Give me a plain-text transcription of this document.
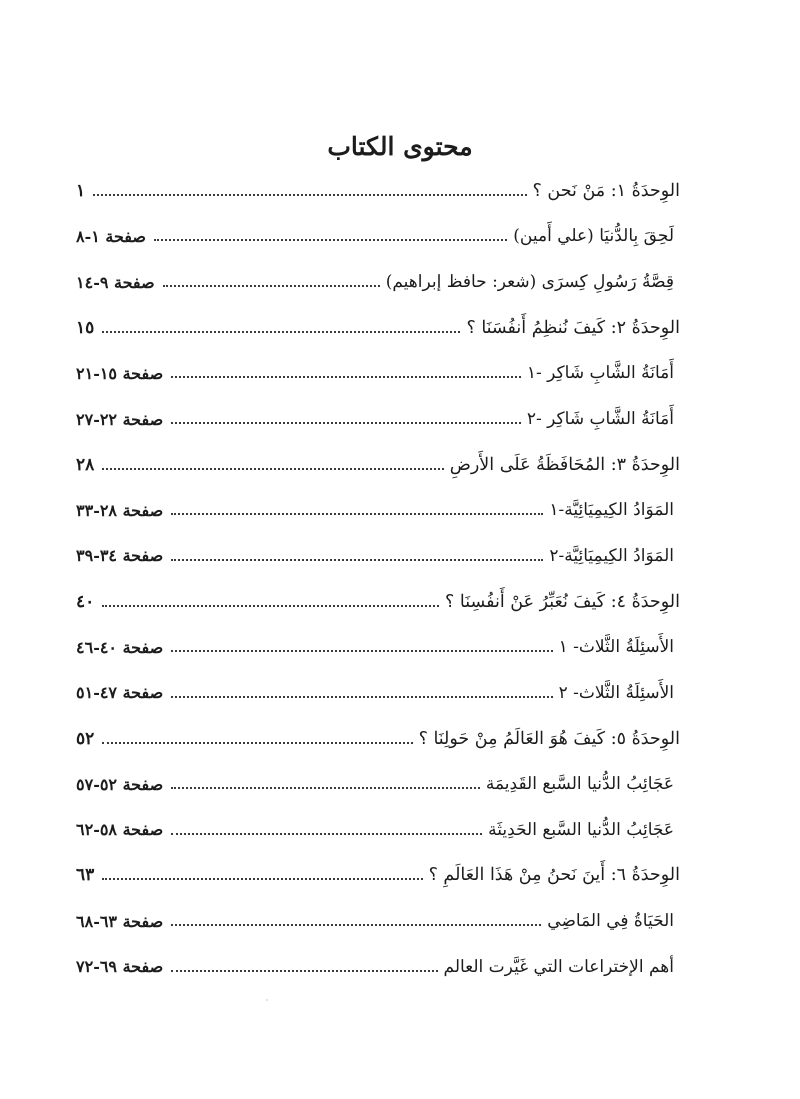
محتوى الكتاب
الوِحدَةُ ١: مَنْ نَحن ؟
١
لَحِقَ بِالدُّنيَا (علي أَمين)
صفحة ١-٨
قِصَّةُ رَسُولِ كِسرَى (شعر: حافظ إبراهيم)
صفحة ٩-١٤
الوِحدَةُ ٢: كَيفَ نُنظِمُ أَنفُسَنَا ؟
١٥
أَمَانَةُ الشَّابِ شَاكِر -١
صفحة ١٥-٢١
أَمَانَةُ الشَّابِ شَاكِر -٢
صفحة ٢٢-٢٧
الوِحدَةُ ٣: المُحَافَظَةُ عَلَى الأَرضِ
٢٨
المَوَادُ الكِيمِيَائِيَّة-١
صفحة ٢٨-٣٣
المَوَادُ الكِيمِيَائِيَّة-٢
صفحة ٣٤-٣٩
الوِحدَةُ ٤: كَيفَ نُعَبِّرُ عَنْ أَنفُسِنَا ؟
٤٠
الأَسئِلَةُ الثَّلاث- ١
صفحة ٤٠-٤٦
الأَسئِلَةُ الثَّلاث- ٢
صفحة ٤٧-٥١
الوِحدَةُ ٥: كَيفَ هُوَ العَالَمُ مِنْ حَولِنَا ؟
٥٢
عَجَائِبُ الدُّنيا السَّبع القَدِيمَة
صفحة ٥٢-٥٧
عَجَائِبُ الدُّنيا السَّبع الحَدِيثَة
صفحة ٥٨-٦٢
الوِحدَةُ ٦: أَينَ نَحنُ مِنْ هَذَا العَالَمِ ؟
٦٣
الحَيَاةُ فِي المَاضِي
صفحة ٦٣-٦٨
أهم الإختراعات التي غَيَّرت العالم
صفحة ٦٩-٧٢
